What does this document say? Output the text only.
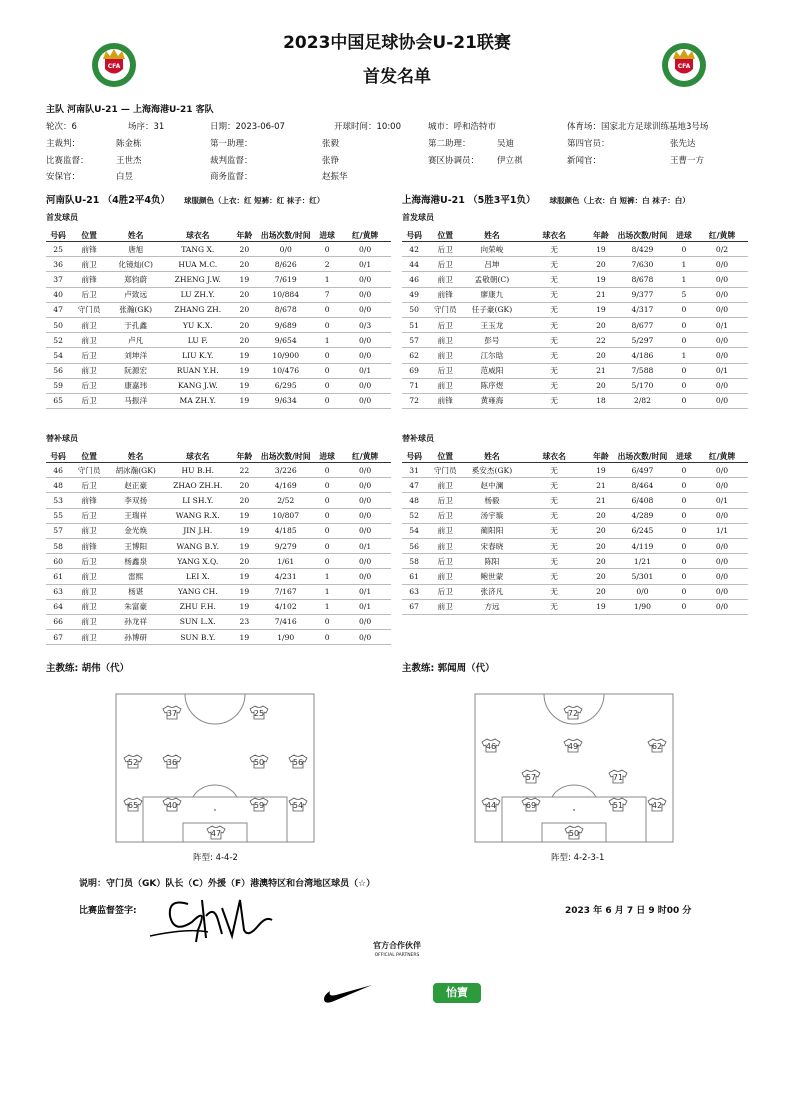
2023中国足球协会U-21联赛
首发名单
CFA	CFA
主队 河南队U-21 — 上海海港U-21 客队
轮次：6	场序：31	日期：2023-06-07	开球时间：10:00	城市：呼和浩特市	体育场：国家北方足球训练基地3号场
主裁判：	陈金栋	第一助理：	张毅	第二助理：	吴迪	第四官员：	张先达
比赛监督：	王世杰	裁判监督：	张铮	赛区协调员： 伊立祺	新闻官：	王曹一方
安保官：	白昱	商务监督：	赵振华
河南队U-21 （4胜2平4负） 球服颜色（上衣：红 短裤：红 袜子：红）
首发球员
号码	位置	姓名	球衣名	年龄	出场次数/时间	进球	红/黄牌
25	前锋	唐旭	TANG X.	20	0/0	0	0/0
36	前卫	化镜灿(C)	HUA M.C.	20	8/626	2	0/1
37	前锋	郑钧蔚	ZHENG J.W.	19	7/619	1	0/0
40	后卫	卢致远	LU ZH.Y.	20	10/884	7	0/0
47	守门员	张瀚(GK)	ZHANG ZH.	20	8/678	0	0/0
50	前卫	于孔鑫	YU K.X.	20	9/689	0	0/3
52	前卫	卢凡	LU F.	20	9/654	1	0/0
54	后卫	刘坤洋	LIU K.Y.	19	10/900	0	0/0
56	前卫	阮源宏	RUAN Y.H.	19	10/476	0	0/1
59	后卫	康嘉玮	KANG J.W.	19	6/295	0	0/0
65	后卫	马振洋	MA ZH.Y.	19	9/634	0	0/0
替补球员
号码	位置	姓名	球衣名	年龄	出场次数/时间	进球	红/黄牌
46	守门员	胡冰瀚(GK)	HU B.H.	22	3/226	0	0/0
48	后卫	赵正豪	ZHAO ZH.H.	20	4/169	0	0/0
53	前锋	李双扬	LI SH.Y.	20	2/52	0	0/0
55	后卫	王瑞祥	WANG R.X.	19	10/807	0	0/0
57	前卫	金光焕	JIN J.H.	19	4/185	0	0/0
58	前锋	王博阳	WANG B.Y.	19	9/279	0	0/1
60	后卫	杨鑫泉	YANG X.Q.	20	1/61	0	0/0
61	前卫	雷熙	LEI X.	19	4/231	1	0/0
63	前卫	杨谌	YANG CH.	19	7/167	1	0/1
64	前卫	朱富豪	ZHU F.H.	19	4/102	1	0/1
66	前卫	孙龙祥	SUN L.X.	23	7/416	0	0/0
67	前卫	孙博研	SUN B.Y.	19	1/90	0	0/0
上海海港U-21 （5胜3平1负） 球服颜色（上衣：白 短裤：白 袜子：白）
首发球员
号码	位置	姓名	球衣名	年龄	出场次数/时间	进球	红/黄牌
42	后卫	向荣峻	无	19	8/429	0	0/2
44	后卫	吕坤	无	20	7/630	1	0/0
46	前卫	孟敬朝(C)	无	19	8/678	1	0/0
49	前锋	廖康九	无	21	9/377	5	0/0
50	守门员	任子豪(GK)	无	19	4/317	0	0/0
51	后卫	王玉龙	无	20	8/677	0	0/1
57	前卫	彭号	无	22	5/297	0	0/0
62	前卫	江尔晗	无	20	4/186	1	0/0
69	后卫	范威阳	无	21	7/588	0	0/1
71	前卫	陈序煜	无	20	5/170	0	0/0
72	前锋	黄雍海	无	18	2/82	0	0/0
替补球员
号码	位置	姓名	球衣名	年龄	出场次数/时间	进球	红/黄牌
31	守门员	奚安杰(GK)	无	19	6/497	0	0/0
47	前卫	赵中澜	无	21	8/464	0	0/0
48	后卫	杨毅	无	21	6/408	0	0/1
52	后卫	汤宇璇	无	20	4/289	0	0/0
54	前卫	蔺阳阳	无	20	6/245	0	1/1
56	前卫	宋春晓	无	20	4/119	0	0/0
58	后卫	陈阳	无	20	1/21	0	0/0
61	前卫	鲍世蒙	无	20	5/301	0	0/0
63	后卫	张济凡	无	20	0/0	0	0/0
67	前卫	方远	无	19	1/90	0	0/0
主教练: 胡伟（代）	主教练: 郭闻周（代）
37	25
52	36	50	56
65	40	59	54
47
72
46	49	62
57	71
44	69	51	42
50
阵型: 4-4-2	阵型: 4-2-3-1
说明：守门员（GK）队长（C）外援（F）港澳特区和台湾地区球员（☆）
比赛监督签字:	2023 年 6 月 7 日 9 时00 分
官方合作伙伴
OFFICIAL PARTNERS
怡寶
